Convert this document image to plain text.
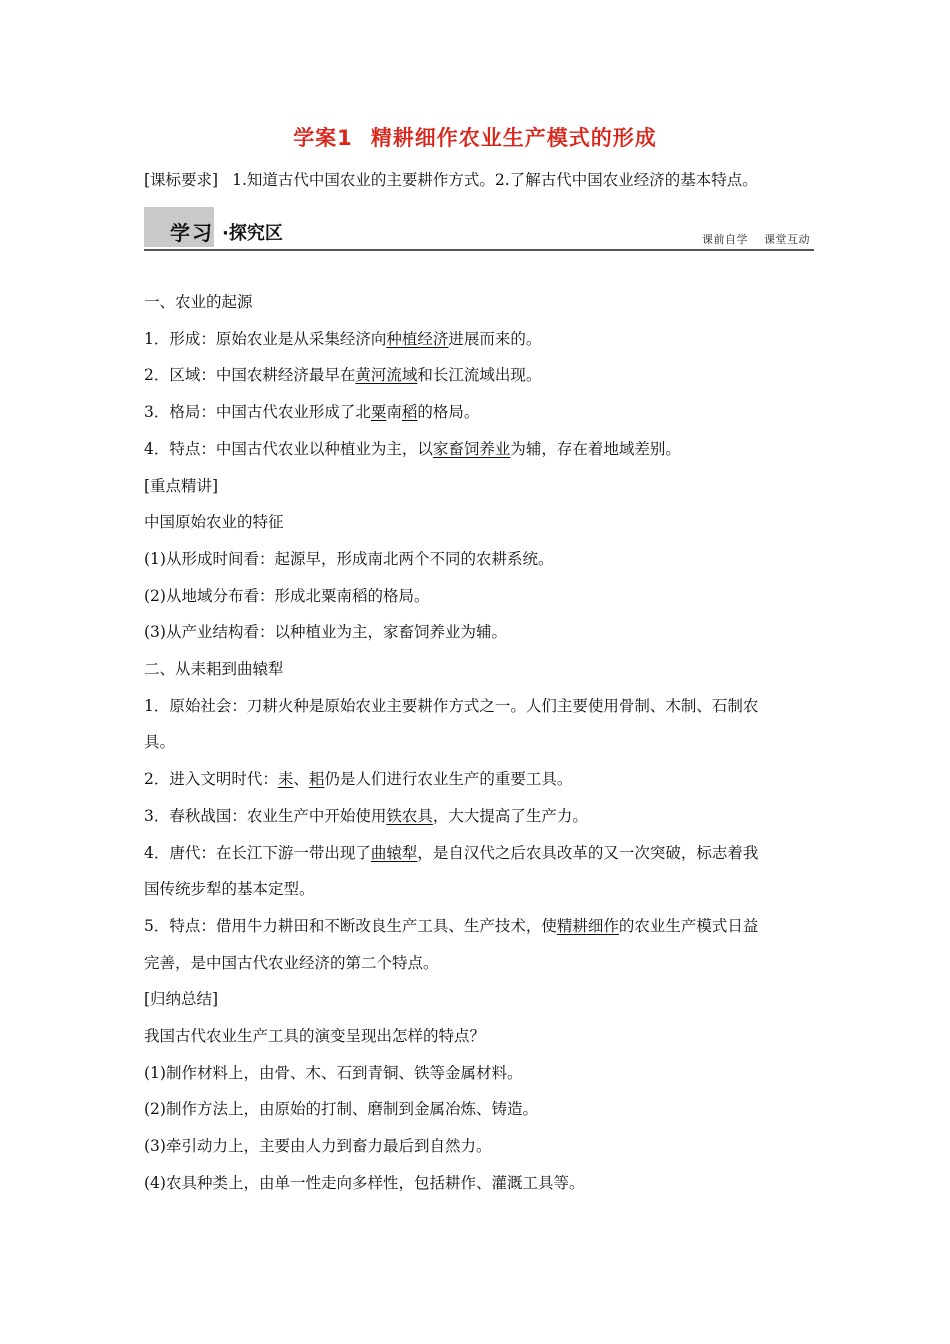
学案1 精耕细作农业生产模式的形成
[课标要求] 1.知道古代中国农业的主要耕作方式。2.了解古代中国农业经济的基本特点。
学习 ·探究区	课前自学 课堂互动

一、农业的起源

1．形成：原始农业是从采集经济向种植经济进展而来的。

2．区域：中国农耕经济最早在黄河流域和长江流域出现。

3．格局：中国古代农业形成了北粟南稻的格局。

4．特点：中国古代农业以种植业为主，以家畜饲养业为辅，存在着地域差别。

[重点精讲]

中国原始农业的特征

(1)从形成时间看：起源早，形成南北两个不同的农耕系统。

(2)从地域分布看：形成北粟南稻的格局。

(3)从产业结构看：以种植业为主，家畜饲养业为辅。

二、从耒耜到曲辕犁

1．原始社会：刀耕火种是原始农业主要耕作方式之一。人们主要使用骨制、木制、石制农

具。

2．进入文明时代：耒、耜仍是人们进行农业生产的重要工具。

3．春秋战国：农业生产中开始使用铁农具，大大提高了生产力。

4．唐代：在长江下游一带出现了曲辕犁，是自汉代之后农具改革的又一次突破，标志着我

国传统步犁的基本定型。

5．特点：借用牛力耕田和不断改良生产工具、生产技术，使精耕细作的农业生产模式日益

完善，是中国古代农业经济的第二个特点。

[归纳总结]

我国古代农业生产工具的演变呈现出怎样的特点？

(1)制作材料上，由骨、木、石到青铜、铁等金属材料。

(2)制作方法上，由原始的打制、磨制到金属冶炼、铸造。

(3)牵引动力上，主要由人力到畜力最后到自然力。

(4)农具种类上，由单一性走向多样性，包括耕作、灌溉工具等。
